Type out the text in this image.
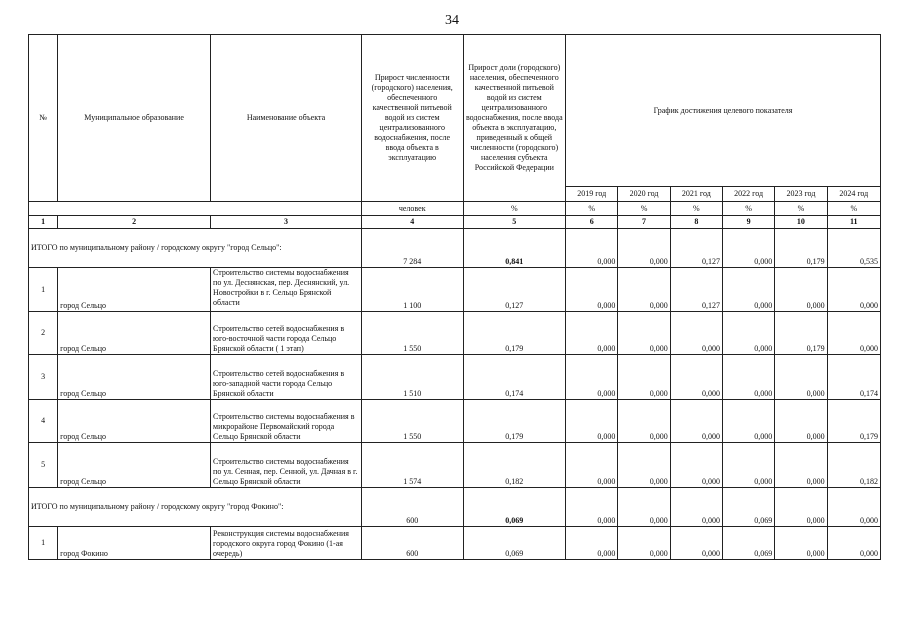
34
№	Муниципальное образование	Наименование объекта	Прирост численности (городского) населения, обеспеченного качественной питьевой водой из систем централизованного водоснабжения, после ввода объекта в эксплуатацию	Прирост доли (городского) населения, обеспеченного качественной питьевой водой из систем централизованного водоснабжения, после ввода объекта в эксплуатацию, приведенный к общей численности (городского) населения субъекта Российской Федерации	График достижения целевого показателя					
					2019 год	2020 год	2021 год	2022 год	2023 год	2024 год
			человек	%	%	%	%	%	%	%
1	2	3	4	5	6	7	8	9	10	11
ИТОГО по муниципальному району / городскому округу "город Сельцо":			7 284	0,841	0,000	0,000	0,127	0,000	0,179	0,535
1	город Сельцо	Строительство системы водоснабжения по ул. Деснянская, пер. Деснянский, ул. Новостройки в г. Сельцо Брянской области	1 100	0,127	0,000	0,000	0,127	0,000	0,000	0,000
2	город Сельцо	Строительство сетей водоснабжения в юго-восточной части города Сельцо Брянской области ( 1 этап)	1 550	0,179	0,000	0,000	0,000	0,000	0,179	0,000
3	город Сельцо	Строительство сетей водоснабжения в юго-западной части города Сельцо Брянской области	1 510	0,174	0,000	0,000	0,000	0,000	0,000	0,174
4	город Сельцо	Строительство системы водоснабжения в микрорайоне Первомайский города Сельцо Брянской области	1 550	0,179	0,000	0,000	0,000	0,000	0,000	0,179
5	город Сельцо	Строительство системы водоснабжения по ул. Сенная, пер. Сенной, ул. Дачная в г. Сельцо Брянской области	1 574	0,182	0,000	0,000	0,000	0,000	0,000	0,182
ИТОГО по муниципальному району / городскому округу "город Фокино":			600	0,069	0,000	0,000	0,000	0,069	0,000	0,000
1	город Фокино	Реконструкция системы водоснабжения городского округа город Фокино (1-ая очередь)	600	0,069	0,000	0,000	0,000	0,069	0,000	0,000
